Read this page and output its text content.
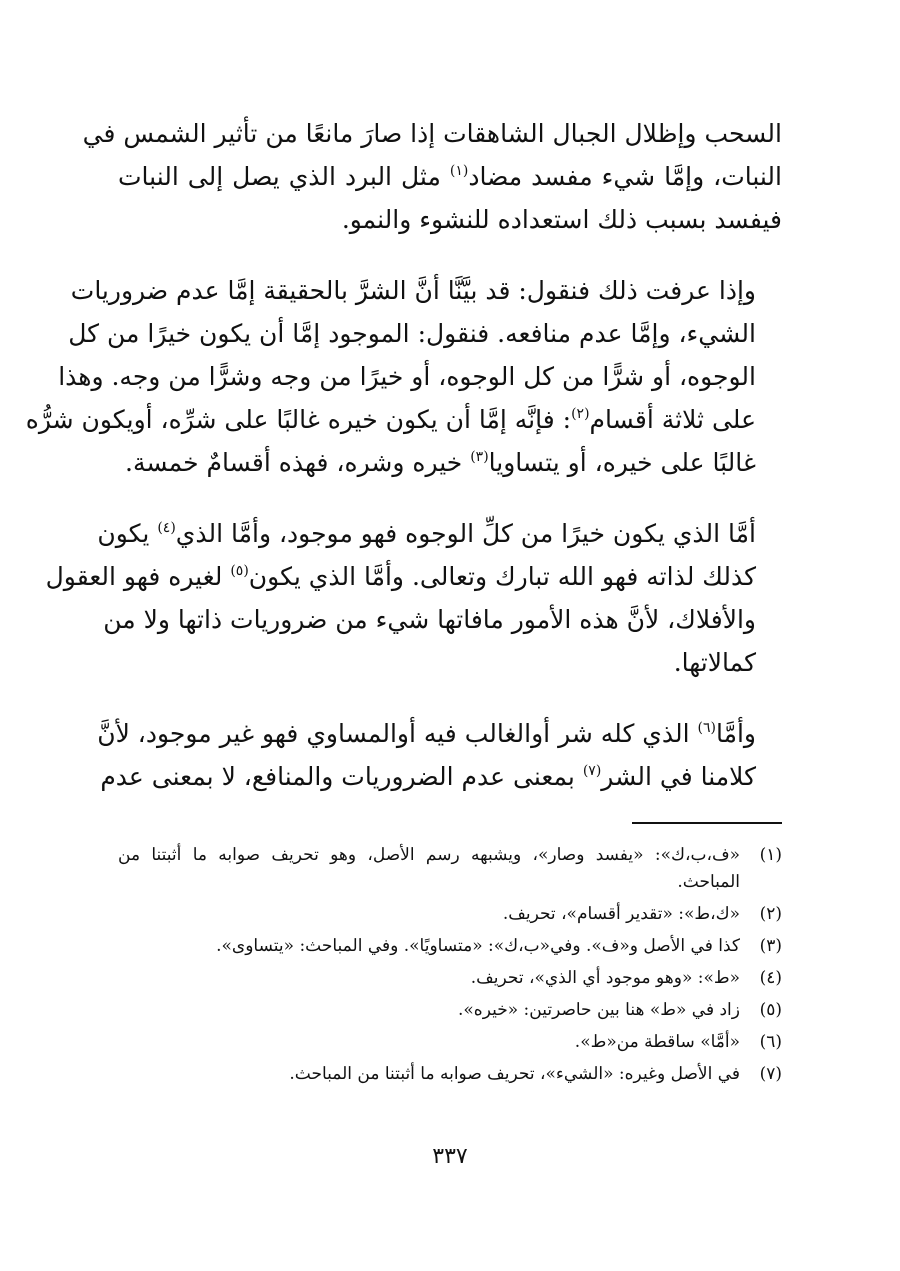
السحب وإظلال الجبال الشاهقات إذا صارَ مانعًا من تأثير الشمس في
النبات، وإمَّا شيء مفسد مضاد$^{(١)}$ مثل البرد الذي يصل إلى النبات
فيفسد بسبب ذلك استعداده للنشوء والنمو.
وإذا عرفت ذلك فنقول: قد بيَّنَّا أنَّ الشرَّ بالحقيقة إمَّا عدم ضروريات
الشيء، وإمَّا عدم منافعه. فنقول: الموجود إمَّا أن يكون خيرًا من كل
الوجوه، أو شرًّا من كل الوجوه، أو خيرًا من وجه وشرًّا من وجه. وهذا
على ثلاثة أقسام$^{(٢)}$: فإنَّه إمَّا أن يكون خيره غالبًا على شرِّه، أويكون شرُّه
غالبًا على خيره، أو يتساويا$^{(٣)}$ خيره وشره، فهذه أقسامٌ خمسة.
أمَّا الذي يكون خيرًا من كلِّ الوجوه فهو موجود، وأمَّا الذي$^{(٤)}$ يكون
كذلك لذاته فهو الله تبارك وتعالى. وأمَّا الذي يكون$^{(٥)}$ لغيره فهو العقول
والأفلاك، لأنَّ هذه الأمور مافاتها شيء من ضروريات ذاتها ولا من
كمالاتها.
وأمَّا$^{(٦)}$ الذي كله شر أوالغالب فيه أوالمساوي فهو غير موجود، لأنَّ
كلامنا في الشر$^{(٧)}$ بمعنى عدم الضروريات والمنافع، لا بمعنى عدم
(١)
«ف،ب،ك»: «يفسد وصار»، ويشبهه رسم الأصل، وهو تحريف صوابه ما أثبتنا من المباحث.
(٢)
«ك،ط»: «تقدير أقسام»، تحريف.
(٣)
كذا في الأصل و«ف». وفي«ب،ك»: «متساويًا». وفي المباحث: «يتساوى».
(٤)
«ط»: «وهو موجود أي الذي»، تحريف.
(٥)
زاد في «ط» هنا بين حاصرتين: «خيره».
(٦)
«أمَّا» ساقطة من«ط».
(٧)
في الأصل وغيره: «الشيء»، تحريف صوابه ما أثبتنا من المباحث.
٣٣٧
